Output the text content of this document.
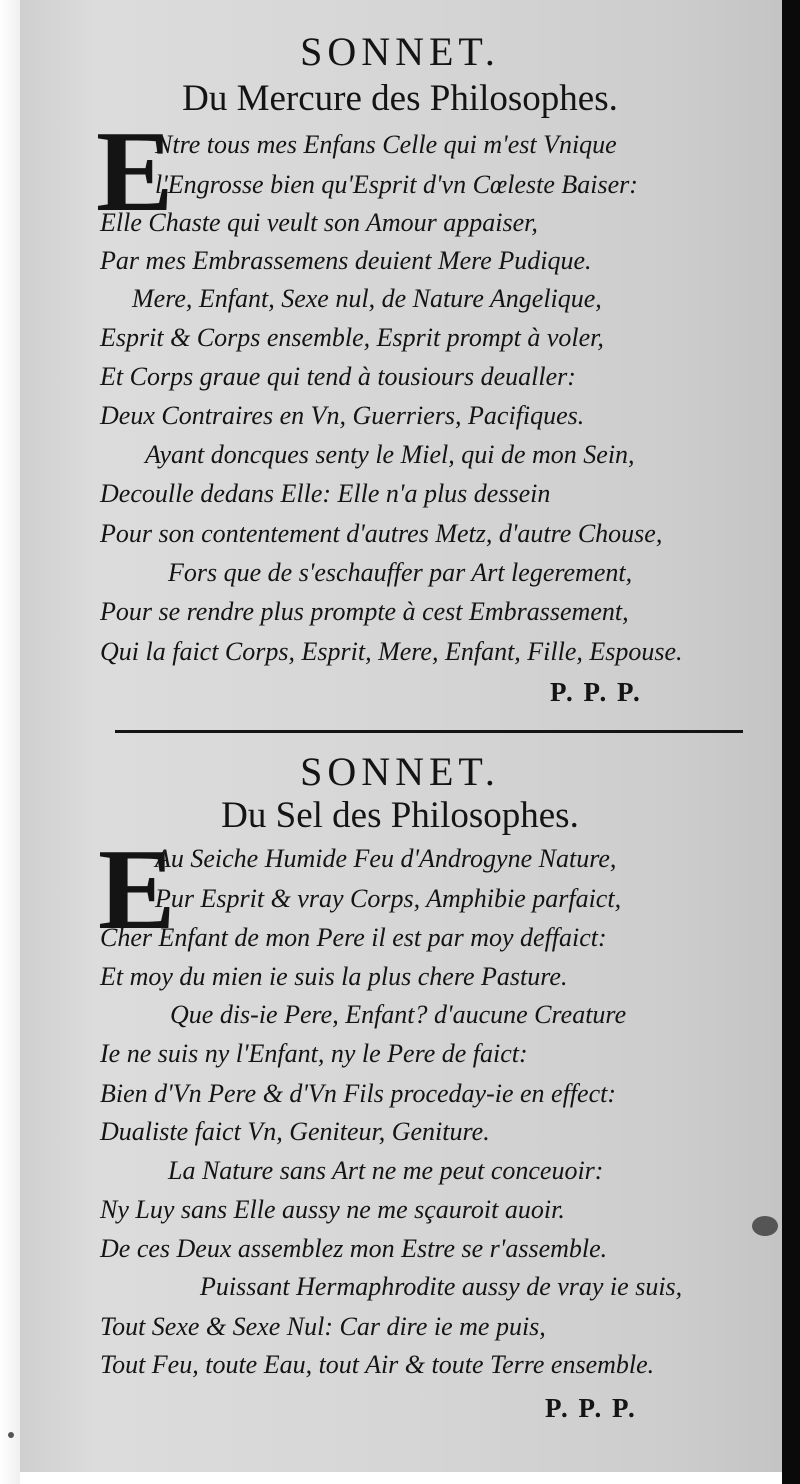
SONNET.
Du Mercure des Philosophes.
E
Ntre tous mes Enfans Celle qui m'est Vnique
l'Engrosse bien qu'Esprit d'vn Cœleste Baiser:
Elle Chaste qui veult son Amour appaiser,
Par mes Embrassemens deuient Mere Pudique.
Mere, Enfant, Sexe nul, de Nature Angelique,
Esprit & Corps ensemble, Esprit prompt à voler,
Et Corps graue qui tend à tousiours deualler:
Deux Contraires en Vn, Guerriers, Pacifiques.
Ayant doncques senty le Miel, qui de mon Sein,
Decoulle dedans Elle: Elle n'a plus dessein
Pour son contentement d'autres Metz, d'autre Chouse,
Fors que de s'eschauffer par Art legerement,
Pour se rendre plus prompte à cest Embrassement,
Qui la faict Corps, Esprit, Mere, Enfant, Fille, Espouse.
P. P. P.
SONNET.
Du Sel des Philosophes.
E
Au Seiche Humide Feu d'Androgyne Nature,
Pur Esprit & vray Corps, Amphibie parfaict,
Cher Enfant de mon Pere il est par moy deffaict:
Et moy du mien ie suis la plus chere Pasture.
Que dis-ie Pere, Enfant? d'aucune Creature
Ie ne suis ny l'Enfant, ny le Pere de faict:
Bien d'Vn Pere & d'Vn Fils proceday-ie en effect:
Dualiste faict Vn, Geniteur, Geniture.
La Nature sans Art ne me peut conceuoir:
Ny Luy sans Elle aussy ne me sçauroit auoir.
De ces Deux assemblez mon Estre se r'assemble.
Puissant Hermaphrodite aussy de vray ie suis,
Tout Sexe & Sexe Nul: Car dire ie me puis,
Tout Feu, toute Eau, tout Air & toute Terre ensemble.
P. P. P.
